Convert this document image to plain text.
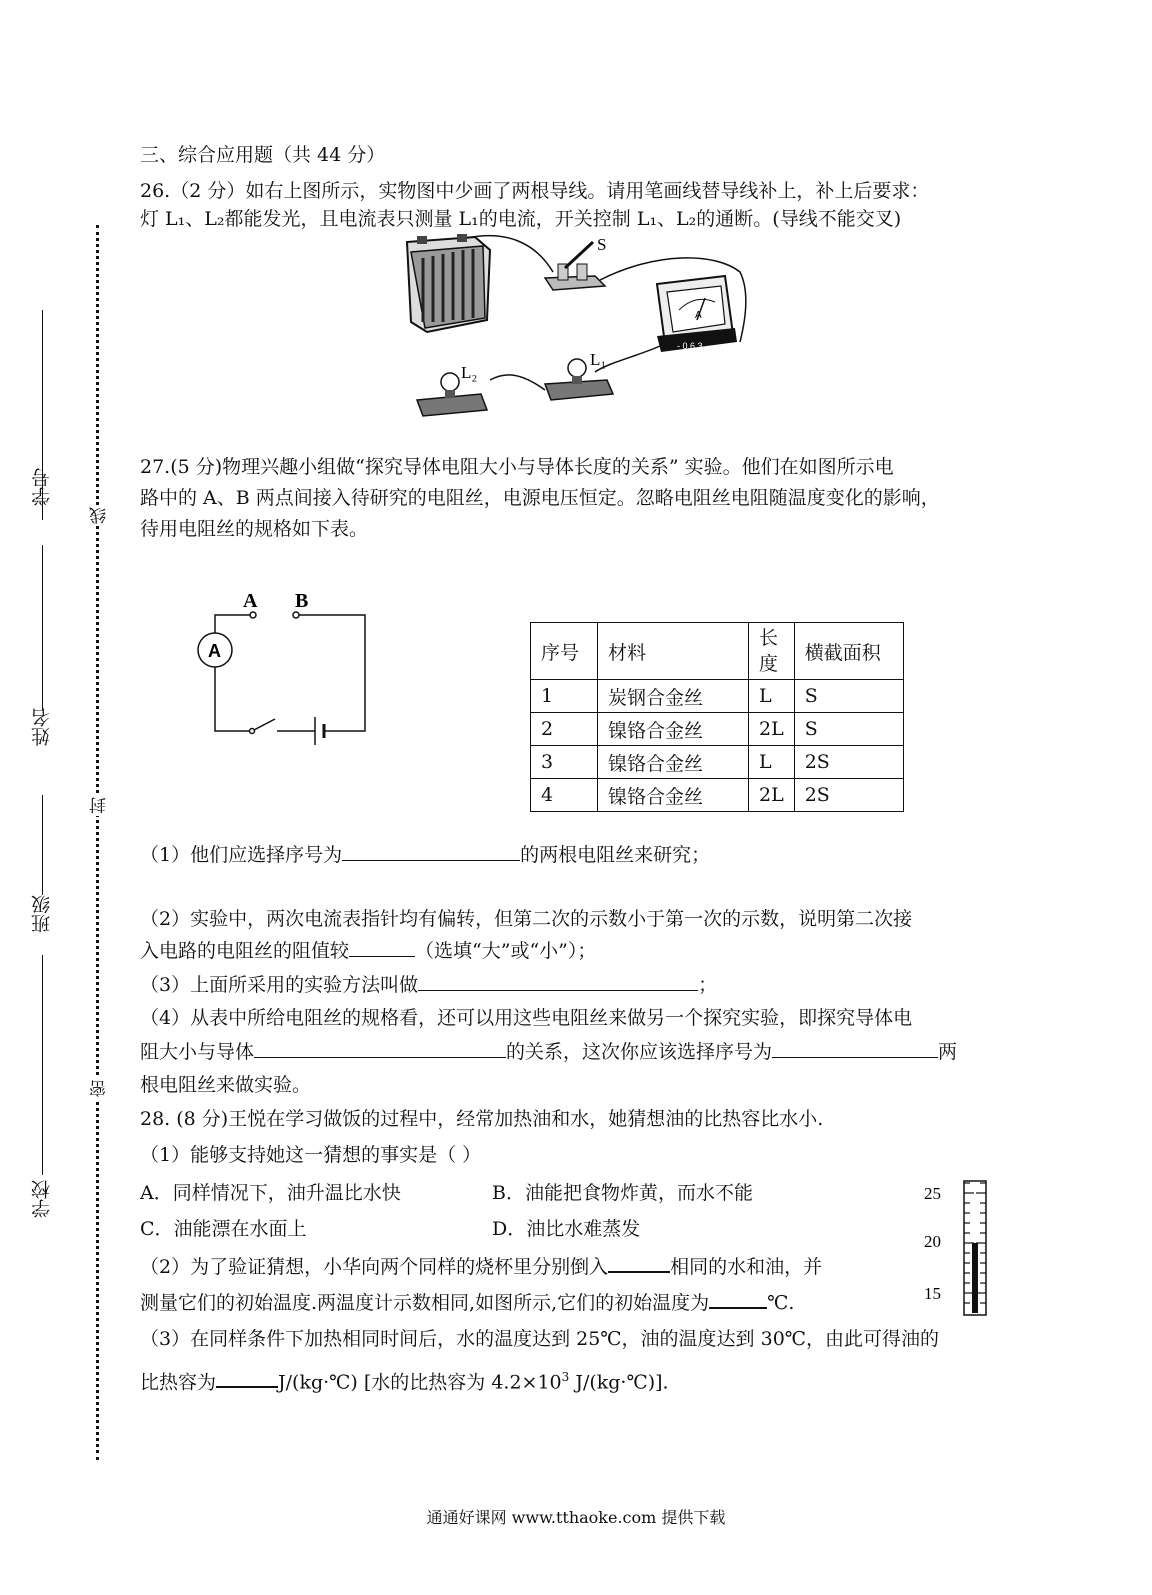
学号
姓名
班级
学校
线
封
密
三、综合应用题（共 44 分）
26.（2 分）如右上图所示，实物图中少画了两根导线。请用笔画线替导线补上，补上后要求：
灯 L₁、L₂都能发光，且电流表只测量 L₁的电流，开关控制 L₁、L₂的通断。(导线不能交叉)
S
A
- 0.6 3
L₁
L₂
27.(5 分)物理兴趣小组做“探究导体电阻大小与导体长度的关系” 实验。他们在如图所示电
路中的 A、B 两点间接入待研究的电阻丝，电源电压恒定。忽略电阻丝电阻随温度变化的影响，
待用电阻丝的规格如下表。
A B
A	序号	材料	长度	横截面积
1	炭钢合金丝	L	S
2	镍铬合金丝	2L	S
3	镍铬合金丝	L	2S
4	镍铬合金丝	2L	2S
（1）他们应选择序号为	的两根电阻丝来研究；
（2）实验中，两次电流表指针均有偏转，但第二次的示数小于第一次的示数，说明第二次接
入电路的电阻丝的阻值较	（选填“大”或“小”）；
（3）上面所采用的实验方法叫做	；
（4）从表中所给电阻丝的规格看，还可以用这些电阻丝来做另一个探究实验，即探究导体电
阻大小与导体	的关系，这次你应该选择序号为	两
根电阻丝来做实验。
28. (8 分)王悦在学习做饭的过程中，经常加热油和水，她猜想油的比热容比水小.
（1）能够支持她这一猜想的事实是（ ）
A．同样情况下，油升温比水快	B．油能把食物炸黄，而水不能
C．油能漂在水面上	D．油比水难蒸发
（2）为了验证猜想，小华向两个同样的烧杯里分别倒入	相同的水和油，并
测量它们的初始温度.两温度计示数相同,如图所示,它们的初始温度为	℃.
（3）在同样条件下加热相同时间后，水的温度达到 25℃，油的温度达到 30℃，由此可得油的
比热容为	J/(kg·℃) [水的比热容为 $4.2\times 10^3$ J/(kg·℃)].
25
20
15
通通好课网 www.tthaoke.com 提供下载
